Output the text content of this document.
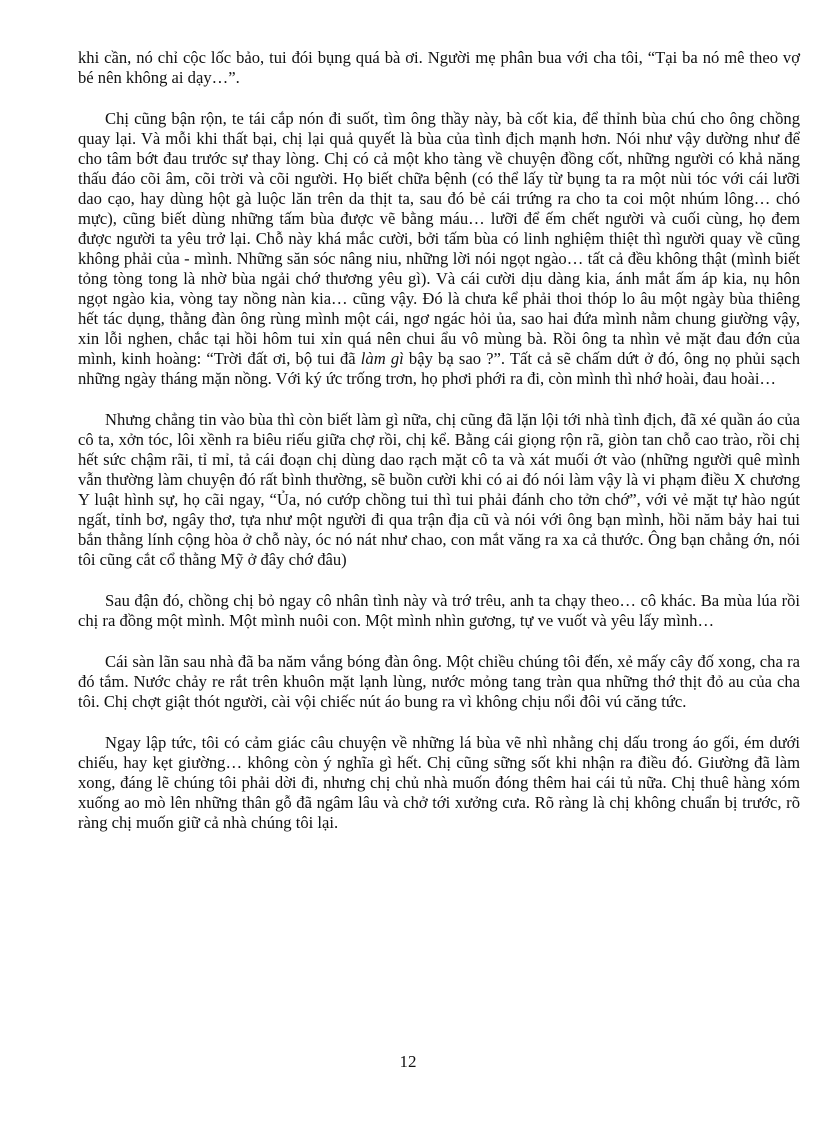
khi cần, nó chỉ cộc lốc bảo, tui đói bụng quá bà ơi. Người mẹ phân bua với cha tôi, “Tại ba nó mê theo vợ bé nên không ai dạy…”.

Chị cũng bận rộn, te tái cắp nón đi suốt, tìm ông thầy này, bà cốt kia, để thỉnh bùa chú cho ông chồng quay lại. Và mỗi khi thất bại, chị lại quả quyết là bùa của tình địch mạnh hơn. Nói như vậy dường như để cho tâm bớt đau trước sự thay lòng. Chị có cả một kho tàng về chuyện đồng cốt, những người có khả năng thấu đáo cõi âm, cõi trời và cõi người. Họ biết chữa bệnh (có thể lấy từ bụng ta ra một nùi tóc với cái lưỡi dao cạo, hay dùng hột gà luộc lăn trên da thịt ta, sau đó bẻ cái trứng ra cho ta coi một nhúm lông… chó mực), cũng biết dùng những tấm bùa được vẽ bằng máu… lưỡi để ếm chết người và cuối cùng, họ đem được người ta yêu trở lại. Chỗ này khá mắc cười, bởi tấm bùa có linh nghiệm thiệt thì người quay về cũng không phải của - mình. Những săn sóc nâng niu, những lời nói ngọt ngào… tất cả đều không thật (mình biết tỏng tòng tong là nhờ bùa ngải chớ thương yêu gì). Và cái cười dịu dàng kia, ánh mắt ấm áp kia, nụ hôn ngọt ngào kia, vòng tay nồng nàn kia… cũng vậy. Đó là chưa kể phải thoi thóp lo âu một ngày bùa thiêng hết tác dụng, thằng đàn ông rùng mình một cái, ngơ ngác hỏi ủa, sao hai đứa mình nằm chung giường vậy, xin lỗi nghen, chắc tại hồi hôm tui xỉn quá nên chui ẩu vô mùng bà. Rồi ông ta nhìn vẻ mặt đau đớn của mình, kinh hoàng: “Trời đất ơi, bộ tui đã làm gì bậy bạ sao ?”. Tất cả sẽ chấm dứt ở đó, ông nọ phủi sạch những ngày tháng mặn nồng. Với ký ức trống trơn, họ phơi phới ra đi, còn mình thì nhớ hoài, đau hoài…

Nhưng chẳng tin vào bùa thì còn biết làm gì nữa, chị cũng đã lặn lội tới nhà tình địch, đã xé quần áo của cô ta, xởn tóc, lôi xềnh ra biêu riếu giữa chợ rồi, chị kể. Bằng cái giọng rộn rã, giòn tan chỗ cao trào, rồi chị hết sức chậm rãi, tỉ mỉ, tả cái đoạn chị dùng dao rạch mặt cô ta và xát muối ớt vào (những người quê mình vẫn thường làm chuyện đó rất bình thường, sẽ buồn cười khi có ai đó nói làm vậy là vi phạm điều X chương Y luật hình sự, họ cãi ngay, “Ủa, nó cướp chồng tui thì tui phải đánh cho tởn chớ”, với vẻ mặt tự hào ngút ngất, tỉnh bơ, ngây thơ, tựa như một người đi qua trận địa cũ và nói với ông bạn mình, hồi năm bảy hai tui bắn thằng lính cộng hòa ở chỗ này, óc nó nát như chao, con mắt văng ra xa cả thước. Ông bạn chẳng ớn, nói tôi cũng cắt cổ thằng Mỹ ở đây chớ đâu)

Sau đận đó, chồng chị bỏ ngay cô nhân tình này và trớ trêu, anh ta chạy theo… cô khác. Ba mùa lúa rồi chị ra đồng một mình. Một mình nuôi con. Một mình nhìn gương, tự ve vuốt và yêu lấy mình…

Cái sàn lãn sau nhà đã ba năm vắng bóng đàn ông. Một chiều chúng tôi đến, xẻ mấy cây đố xong, cha ra đó tắm. Nước chảy re rắt trên khuôn mặt lạnh lùng, nước mỏng tang tràn qua những thớ thịt đỏ au của cha tôi. Chị chợt giật thót người, cài vội chiếc nút áo bung ra vì không chịu nổi đôi vú căng tức.

Ngay lập tức, tôi có cảm giác câu chuyện về những lá bùa vẽ nhì nhằng chị dấu trong áo gối, ém dưới chiếu, hay kẹt giường… không còn ý nghĩa gì hết. Chị cũng sững sốt khi nhận ra điều đó. Giường đã làm xong, đáng lẽ chúng tôi phải dời đi, nhưng chị chủ nhà muốn đóng thêm hai cái tủ nữa. Chị thuê hàng xóm xuống ao mò lên những thân gỗ đã ngâm lâu và chở tới xưởng cưa. Rõ ràng là chị không chuẩn bị trước, rõ ràng chị muốn giữ cả nhà chúng tôi lại.

12
